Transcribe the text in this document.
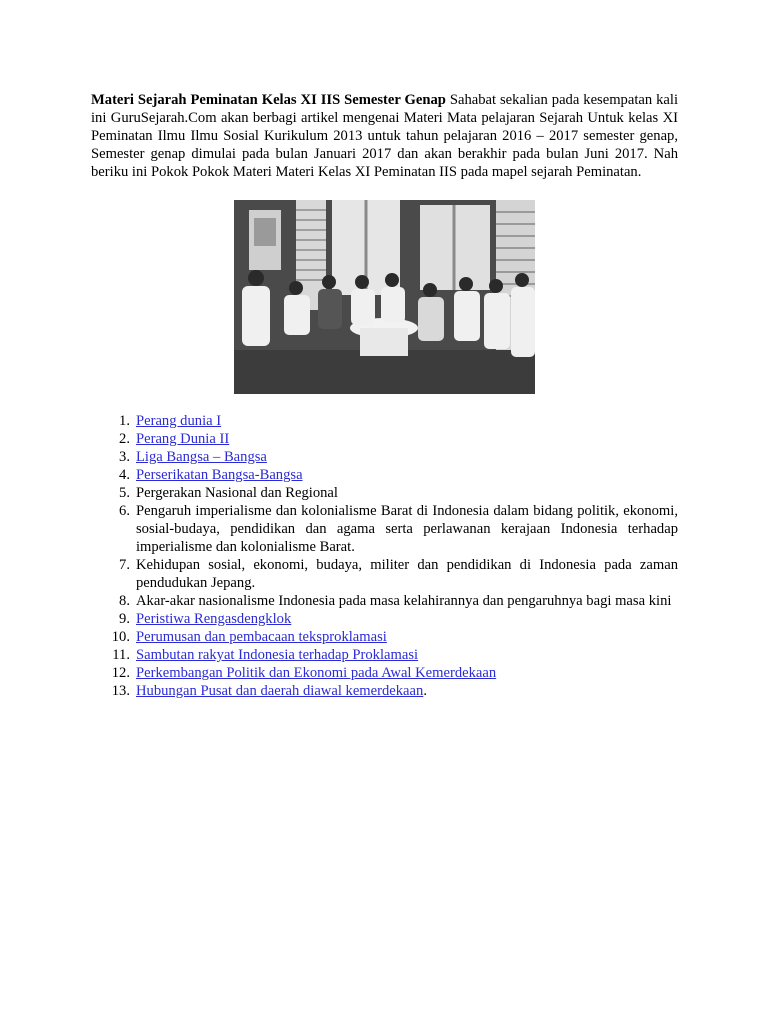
Materi Sejarah Peminatan Kelas XI IIS Semester Genap Sahabat sekalian pada kesempatan kali ini GuruSejarah.Com akan berbagi artikel mengenai Materi Mata pelajaran Sejarah Untuk kelas XI Peminatan Ilmu Ilmu Sosial Kurikulum 2013 untuk tahun pelajaran 2016 – 2017 semester genap, Semester genap dimulai pada bulan Januari 2017 dan akan berakhir pada bulan Juni 2017. Nah beriku ini Pokok Pokok Materi Materi Kelas XI Peminatan IIS pada mapel sejarah Peminatan.

1. Perang dunia I
2. Perang Dunia II
3. Liga Bangsa – Bangsa
4. Perserikatan Bangsa-Bangsa
5. Pergerakan Nasional dan Regional
6. Pengaruh imperialisme dan kolonialisme Barat di Indonesia dalam bidang politik, ekonomi, sosial-budaya, pendidikan dan agama serta perlawanan kerajaan Indonesia terhadap imperialisme dan kolonialisme Barat.
7. Kehidupan sosial, ekonomi, budaya, militer dan pendidikan di Indonesia pada zaman pendudukan Jepang.
8. Akar-akar nasionalisme Indonesia pada masa kelahirannya dan pengaruhnya bagi masa kini
9. Peristiwa Rengasdengklok
10. Perumusan dan pembacaan teksproklamasi
11. Sambutan rakyat Indonesia terhadap Proklamasi
12. Perkembangan Politik dan Ekonomi pada Awal Kemerdekaan
13. Hubungan Pusat dan daerah diawal kemerdekaan.
